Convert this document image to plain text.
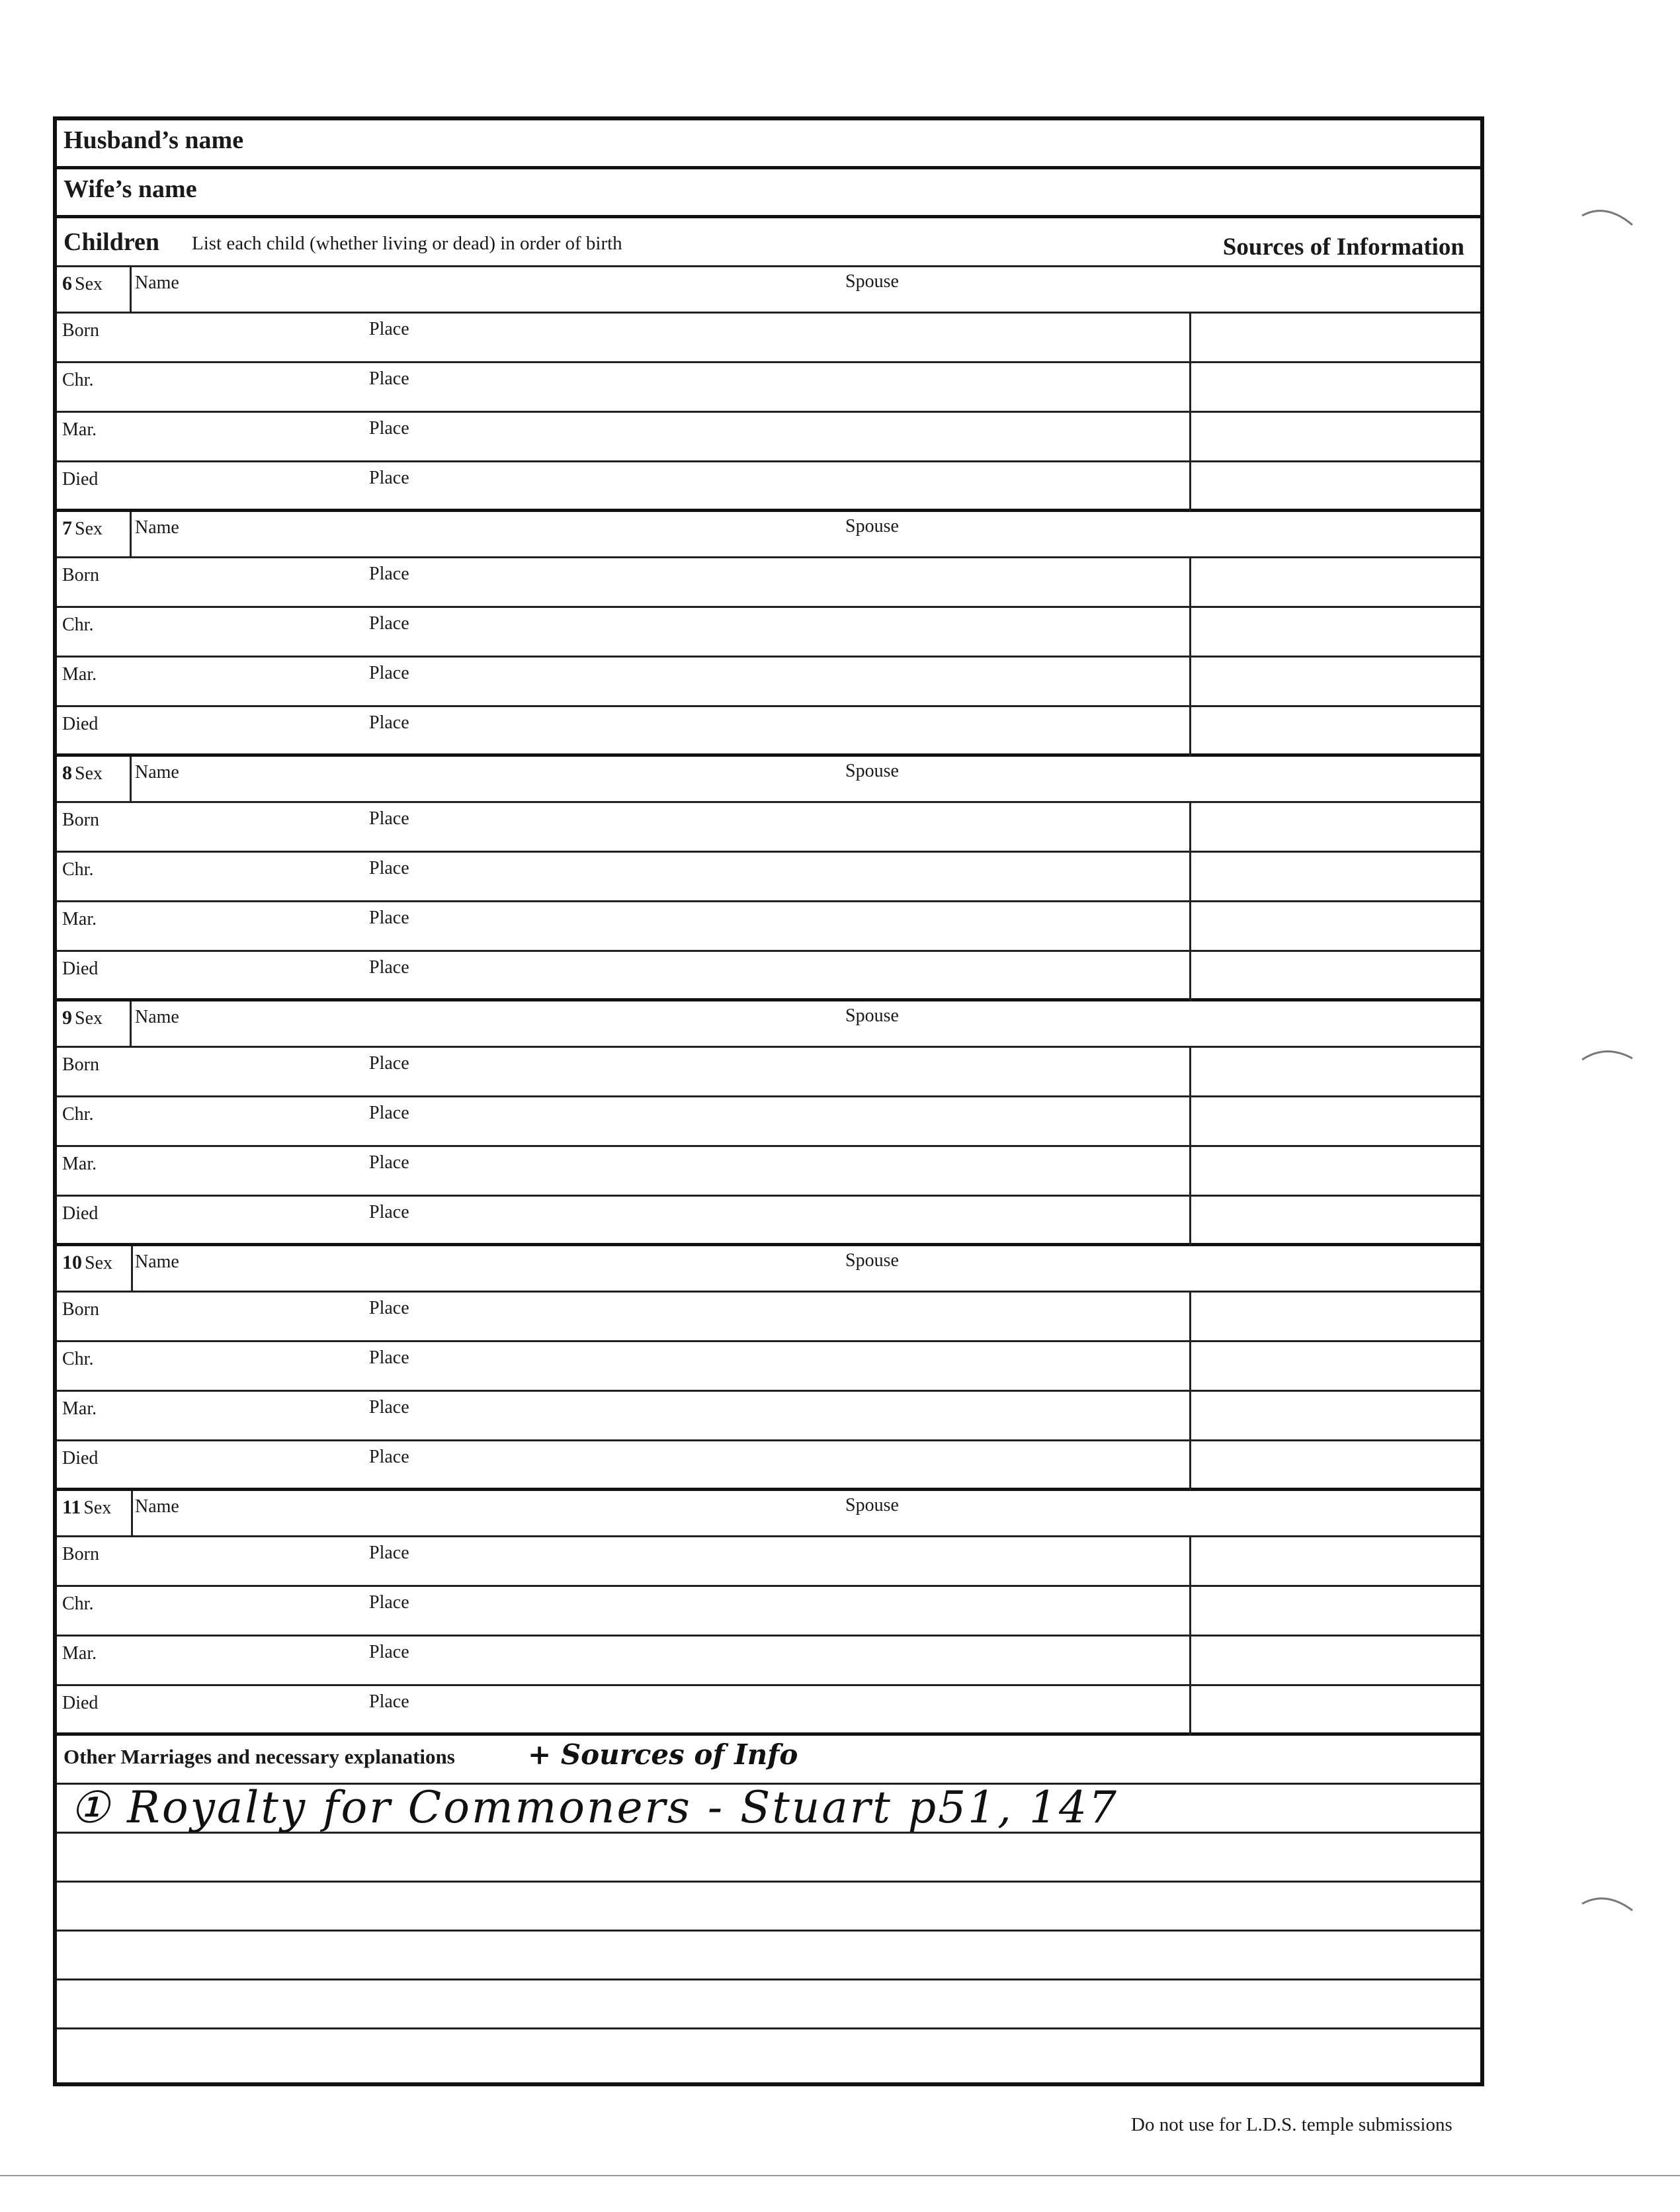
Husband’s name
Wife’s name
Children List each child (whether living or dead) in order of birth	Sources of Information
6 Sex Name	Spouse
Born	Place
Chr.	Place
Mar.	Place
Died	Place
7 Sex Name	Spouse
Born	Place
Chr.	Place
Mar.	Place
Died	Place
8 Sex Name	Spouse
Born	Place
Chr.	Place
Mar.	Place
Died	Place
9 Sex Name	Spouse
Born	Place
Chr.	Place
Mar.	Place
Died	Place
10 Sex Name	Spouse
Born	Place
Chr.	Place
Mar.	Place
Died	Place
11 Sex Name	Spouse
Born	Place
Chr.	Place
Mar.	Place
Died	Place
Other Marriages and necessary explanations	+ Sources of Info
① Royalty for Commoners - Stuart p51, 147
Do not use for L.D.S. temple submissions
